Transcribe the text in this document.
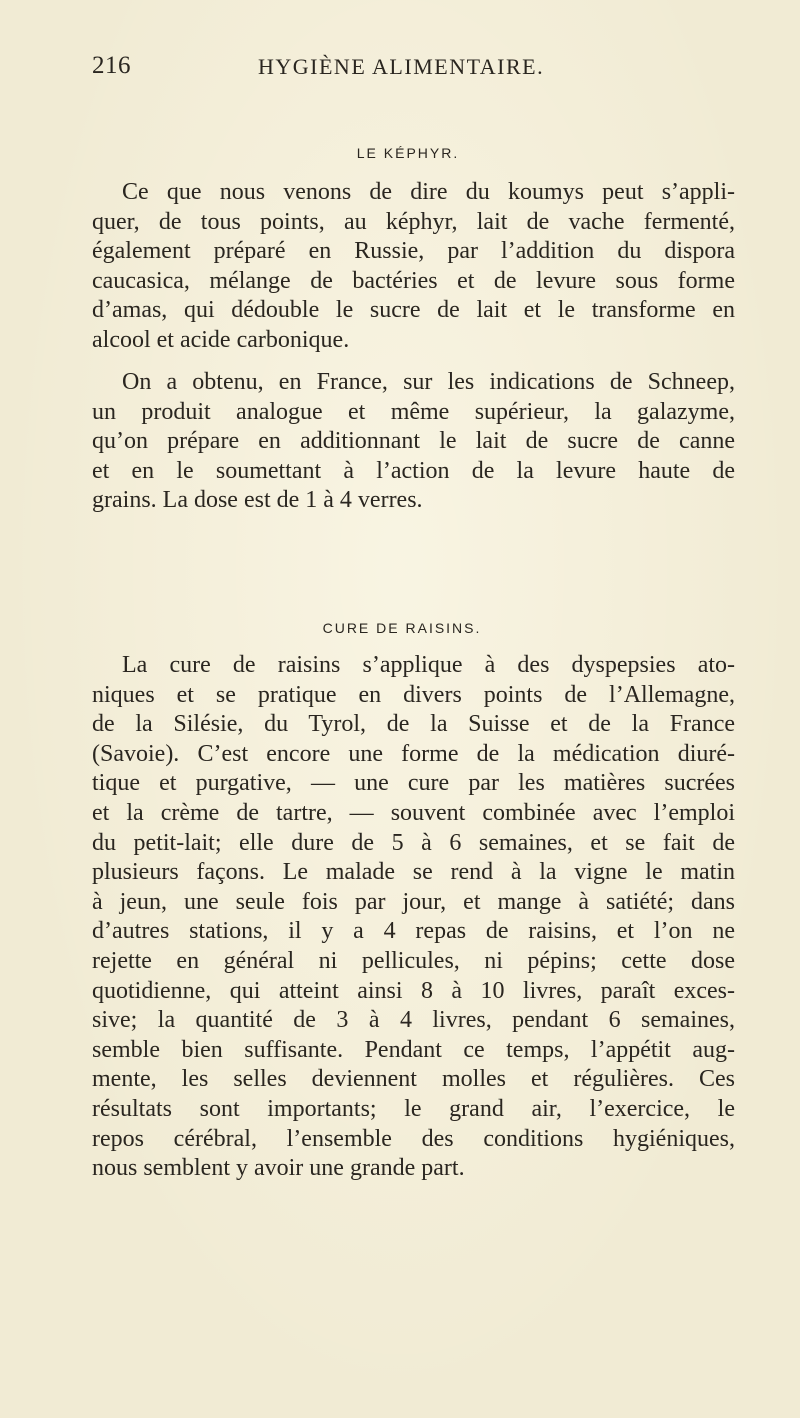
216	HYGIÈNE ALIMENTAIRE.
LE KÉPHYR.

Ce que nous venons de dire du koumys peut s’appli-
quer, de tous points, au képhyr, lait de vache fermenté,
également préparé en Russie, par l’addition du dispora
caucasica, mélange de bactéries et de levure sous forme
d’amas, qui dédouble le sucre de lait et le transforme en
alcool et acide carbonique.

On a obtenu, en France, sur les indications de Schneep,
un produit analogue et même supérieur, la galazyme,
qu’on prépare en additionnant le lait de sucre de canne
et en le soumettant à l’action de la levure haute de
grains. La dose est de 1 à 4 verres.

CURE DE RAISINS.

La cure de raisins s’applique à des dyspepsies ato-
niques et se pratique en divers points de l’Allemagne,
de la Silésie, du Tyrol, de la Suisse et de la France
(Savoie). C’est encore une forme de la médication diuré-
tique et purgative, — une cure par les matières sucrées
et la crème de tartre, — souvent combinée avec l’emploi
du petit-lait; elle dure de 5 à 6 semaines, et se fait de
plusieurs façons. Le malade se rend à la vigne le matin
à jeun, une seule fois par jour, et mange à satiété; dans
d’autres stations, il y a 4 repas de raisins, et l’on ne
rejette en général ni pellicules, ni pépins; cette dose
quotidienne, qui atteint ainsi 8 à 10 livres, paraît exces-
sive; la quantité de 3 à 4 livres, pendant 6 semaines,
semble bien suffisante. Pendant ce temps, l’appétit aug-
mente, les selles deviennent molles et régulières. Ces
résultats sont importants; le grand air, l’exercice, le
repos cérébral, l’ensemble des conditions hygiéniques,
nous semblent y avoir une grande part.
